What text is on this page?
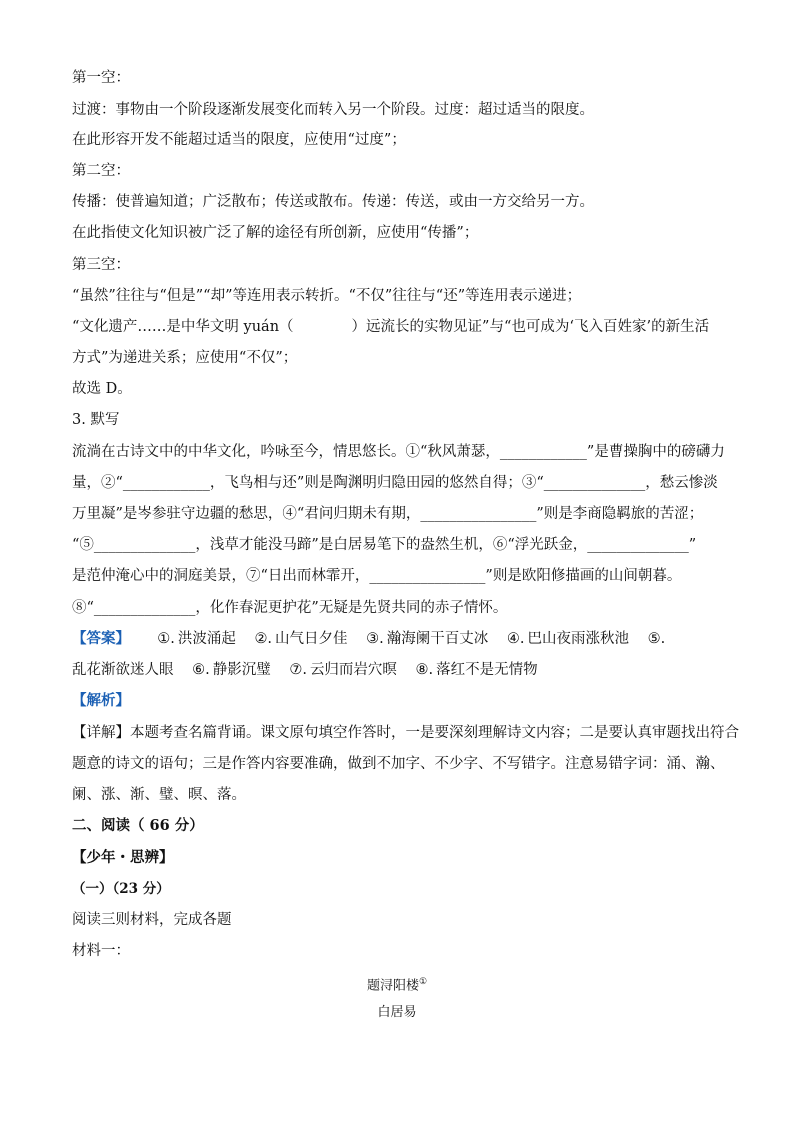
第一空：
过渡：事物由一个阶段逐渐发展变化而转入另一个阶段。过度：超过适当的限度。
在此形容开发不能超过适当的限度，应使用“过度”；
第二空：
传播：使普遍知道；广泛散布；传送或散布。传递：传送，或由一方交给另一方。
在此指使文化知识被广泛了解的途径有所创新，应使用“传播”；
第三空：
“虽然”往往与“但是”“却”等连用表示转折。“不仅”往往与“还”等连用表示递进；
“文化遗产……是中华文明 yuán（　　　　）远流长的实物见证”与“也可成为‘飞入百姓家’的新生活
方式”为递进关系；应使用“不仅”；
故选 D。
3. 默写
流淌在古诗文中的中华文化，吟咏至今，情思悠长。①“秋风萧瑟，____________”是曹操胸中的磅礴力
量，②“____________，飞鸟相与还”则是陶渊明归隐田园的悠然自得；③“______________，愁云惨淡
万里凝”是岑参驻守边疆的愁思，④“君问归期未有期，________________”则是李商隐羁旅的苦涩；
“⑤______________，浅草才能没马蹄”是白居易笔下的盎然生机，⑥“浮光跃金，______________”
是范仲淹心中的洞庭美景，⑦“日出而林霏开，________________”则是欧阳修描画的山间朝暮。
⑧“______________，化作春泥更护花”无疑是先贤共同的赤子情怀。
【答案】 ①. 洪波涌起 ②. 山气日夕佳 ③. 瀚海阑干百丈冰 ④. 巴山夜雨涨秋池 ⑤.
乱花渐欲迷人眼 ⑥. 静影沉璧 ⑦. 云归而岩穴暝 ⑧. 落红不是无情物
【解析】
【详解】本题考查名篇背诵。课文原句填空作答时，一是要深刻理解诗文内容；二是要认真审题找出符合
题意的诗文的语句；三是作答内容要准确，做到不加字、不少字、不写错字。注意易错字词：涌、瀚、
阑、涨、渐、璧、暝、落。
二、阅读（ 66 分）
【少年・思辨】
（一）（23 分）
阅读三则材料，完成各题
材料一：
题浔阳楼①
白居易
